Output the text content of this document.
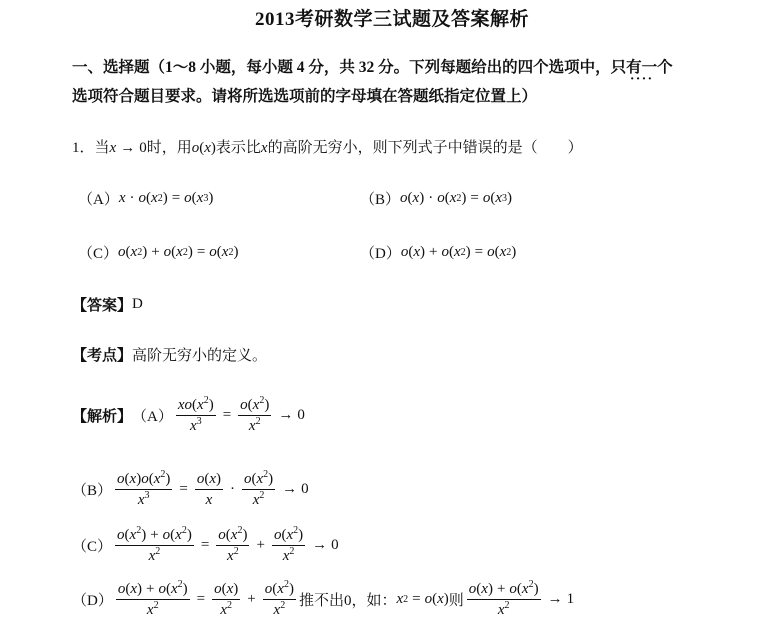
2013考研数学三试题及答案解析
一、选择题（1～8 小题，每小题 4 分，共 32 分。下列每题给出的四个选项中，只有一个 ····
选项符合题目要求。请将所选选项前的字母填在答题纸指定位置上）
1．当 x → 0时，用 o ( x )表示比 x 的高阶无穷小，则下列式子中错误的是（　　）
（A） x · o ( x 2 ) = o ( x 3 )	（B） o ( x ) · o ( x 2 ) = o ( x 3 )
（C） o ( x 2 ) + o ( x 2 ) = o ( x 2 )	（D） o ( x ) + o ( x 2 ) = o ( x 2 )
【答案】 D
【考点】 高阶无穷小的定义。
【解析】 $(A) \frac{xo(x^2)}{x^3} = \frac{o(x^2)}{x^2} \to 0$
$(B) \frac{o(x)o(x^2)}{x^3} = \frac{o(x)}{x} \cdot \frac{o(x^2)}{x^2} \to 0$
$(C) \frac{o(x^2) + o(x^2)}{x^2} = \frac{o(x^2)}{x^2} + \frac{o(x^2)}{x^2} \to 0$
$(D) \frac{o(x) + o(x^2)}{x^2} = \frac{o(x)}{x^2} + \frac{o(x^2)}{x^2}$ 推不出0，如： x 2 = o ( x ) 则 $\frac{o(x) + o(x^2)}{x^2} \to 1$
